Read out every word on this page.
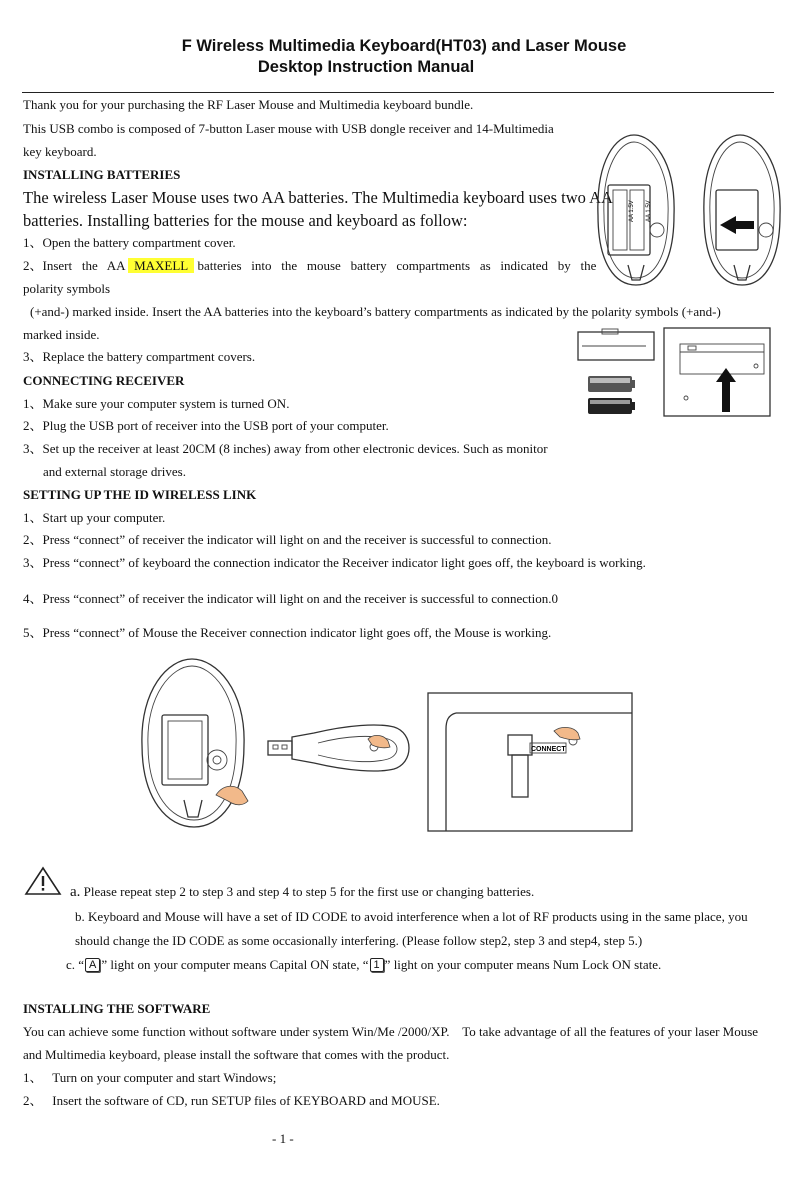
F Wireless Multimedia Keyboard(HT03) and Laser Mouse
Desktop Instruction Manual
Thank you for your purchasing the RF Laser Mouse and Multimedia keyboard bundle.
This USB combo is composed of 7-button Laser mouse with USB dongle receiver and 14-Multimedia
key keyboard.
INSTALLING BATTERIES
The wireless Laser Mouse uses two AA batteries. The Multimedia keyboard uses two AA
batteries. Installing batteries for the mouse and keyboard as follow:
1、Open the battery compartment cover.
2、Insert   the   AA MAXELL batteries   into   the   mouse   battery   compartments   as   indicated   by   the
polarity symbols
(+and-) marked inside. Insert the AA batteries into the keyboard’s battery compartments as indicated by the polarity symbols (+and-)
marked inside.
3、Replace the battery compartment covers.
AA 1.5V AA 1.5V
CONNECTING RECEIVER
1、Make sure your computer system is turned ON.
2、Plug the USB port of receiver into the USB port of your computer.
3、Set up the receiver at least 20CM (8 inches) away from other electronic devices. Such as monitor
and external storage drives.
SETTING UP THE ID WIRELESS LINK
1、Start up your computer.
2、Press “connect” of receiver the indicator will light on and the receiver is successful to connection.
3、Press “connect” of keyboard the connection indicator the Receiver indicator light goes off, the keyboard is working.
4、Press “connect” of receiver the indicator will light on and the receiver is successful to connection.0
5、Press “connect” of Mouse the Receiver connection indicator light goes off, the Mouse is working.
CONNECT
a. Please repeat step 2 to step 3 and step 4 to step 5 for the first use or changing batteries.
b. Keyboard and Mouse will have a set of ID CODE to avoid interference when a lot of RF products using in the same place, you
should change the ID CODE as some occasionally interfering. (Please follow step2, step 3 and step4, step 5.)
c. “ A ” light on your computer means Capital ON state, “ 1 ” light on your computer means Num Lock ON state.
INSTALLING THE SOFTWARE
You can achieve some function without software under system Win/Me /2000/XP.    To take advantage of all the features of your laser Mouse
and Multimedia keyboard, please install the software that comes with the product.
1、   Turn on your computer and start Windows;
2、   Insert the software of CD, run SETUP files of KEYBOARD and MOUSE.
- 1 -
